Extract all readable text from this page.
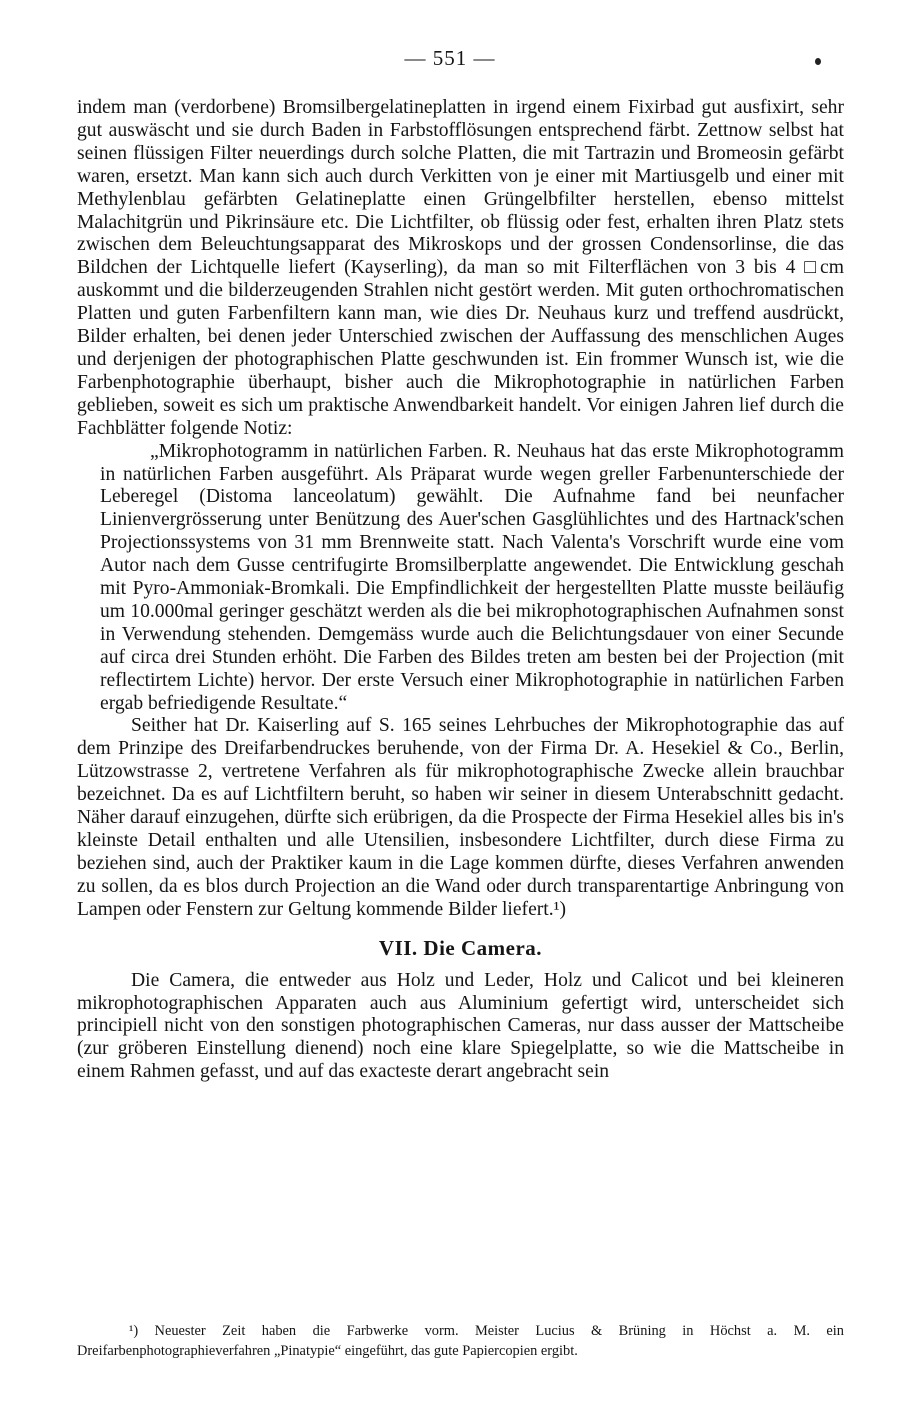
— 551 —

indem man (verdorbene) Bromsilbergelatineplatten in irgend einem Fixirbad gut ausfixirt, sehr gut auswäscht und sie durch Baden in Farbstofflösungen entsprechend färbt. Zettnow selbst hat seinen flüssigen Filter neuerdings durch solche Platten, die mit Tartrazin und Bromeosin gefärbt waren, ersetzt. Man kann sich auch durch Verkitten von je einer mit Martiusgelb und einer mit Methylenblau gefärbten Gelatineplatte einen Grüngelbfilter herstellen, ebenso mittelst Malachitgrün und Pikrinsäure etc. Die Lichtfilter, ob flüssig oder fest, erhalten ihren Platz stets zwischen dem Beleuchtungsapparat des Mikroskops und der grossen Condensorlinse, die das Bildchen der Lichtquelle liefert (Kayserling), da man so mit Filterflächen von 3 bis 4 □cm auskommt und die bilderzeugenden Strahlen nicht gestört werden. Mit guten orthochromatischen Platten und guten Farbenfiltern kann man, wie dies Dr. Neuhaus kurz und treffend ausdrückt, Bilder erhalten, bei denen jeder Unterschied zwischen der Auffassung des menschlichen Auges und derjenigen der photographischen Platte geschwunden ist. Ein frommer Wunsch ist, wie die Farbenphotographie überhaupt, bisher auch die Mikrophotographie in natürlichen Farben geblieben, soweit es sich um praktische Anwendbarkeit handelt. Vor einigen Jahren lief durch die Fachblätter folgende Notiz:

„Mikrophotogramm in natürlichen Farben. R. Neuhaus hat das erste Mikrophotogramm in natürlichen Farben ausgeführt. Als Präparat wurde wegen greller Farbenunterschiede der Leberegel (Distoma lanceolatum) gewählt. Die Aufnahme fand bei neunfacher Linienvergrösserung unter Benützung des Auer'schen Gasglühlichtes und des Hartnack'schen Projectionssystems von 31 mm Brennweite statt. Nach Valenta's Vorschrift wurde eine vom Autor nach dem Gusse centrifugirte Bromsilberplatte angewendet. Die Entwicklung geschah mit Pyro-Ammoniak-Bromkali. Die Empfindlichkeit der hergestellten Platte musste beiläufig um 10.000mal geringer geschätzt werden als die bei mikrophotographischen Aufnahmen sonst in Verwendung stehenden. Demgemäss wurde auch die Belichtungsdauer von einer Secunde auf circa drei Stunden erhöht. Die Farben des Bildes treten am besten bei der Projection (mit reflectirtem Lichte) hervor. Der erste Versuch einer Mikrophotographie in natürlichen Farben ergab befriedigende Resultate.“

Seither hat Dr. Kaiserling auf S. 165 seines Lehrbuches der Mikrophotographie das auf dem Prinzipe des Dreifarbendruckes beruhende, von der Firma Dr. A. Hesekiel & Co., Berlin, Lützowstrasse 2, vertretene Verfahren als für mikrophotographische Zwecke allein brauchbar bezeichnet. Da es auf Lichtfiltern beruht, so haben wir seiner in diesem Unterabschnitt gedacht. Näher darauf einzugehen, dürfte sich erübrigen, da die Prospecte der Firma Hesekiel alles bis in's kleinste Detail enthalten und alle Utensilien, insbesondere Lichtfilter, durch diese Firma zu beziehen sind, auch der Praktiker kaum in die Lage kommen dürfte, dieses Verfahren anwenden zu sollen, da es blos durch Projection an die Wand oder durch transparentartige Anbringung von Lampen oder Fenstern zur Geltung kommende Bilder liefert.¹)

VII. Die Camera.

Die Camera, die entweder aus Holz und Leder, Holz und Calicot und bei kleineren mikrophotographischen Apparaten auch aus Aluminium gefertigt wird, unterscheidet sich principiell nicht von den sonstigen photographischen Cameras, nur dass ausser der Mattscheibe (zur gröberen Einstellung dienend) noch eine klare Spiegelplatte, so wie die Mattscheibe in einem Rahmen gefasst, und auf das exacteste derart angebracht sein

¹) Neuester Zeit haben die Farbwerke vorm. Meister Lucius & Brüning in Höchst a. M. ein Dreifarbenphotographieverfahren „Pinatypie“ eingeführt, das gute Papiercopien ergibt.
